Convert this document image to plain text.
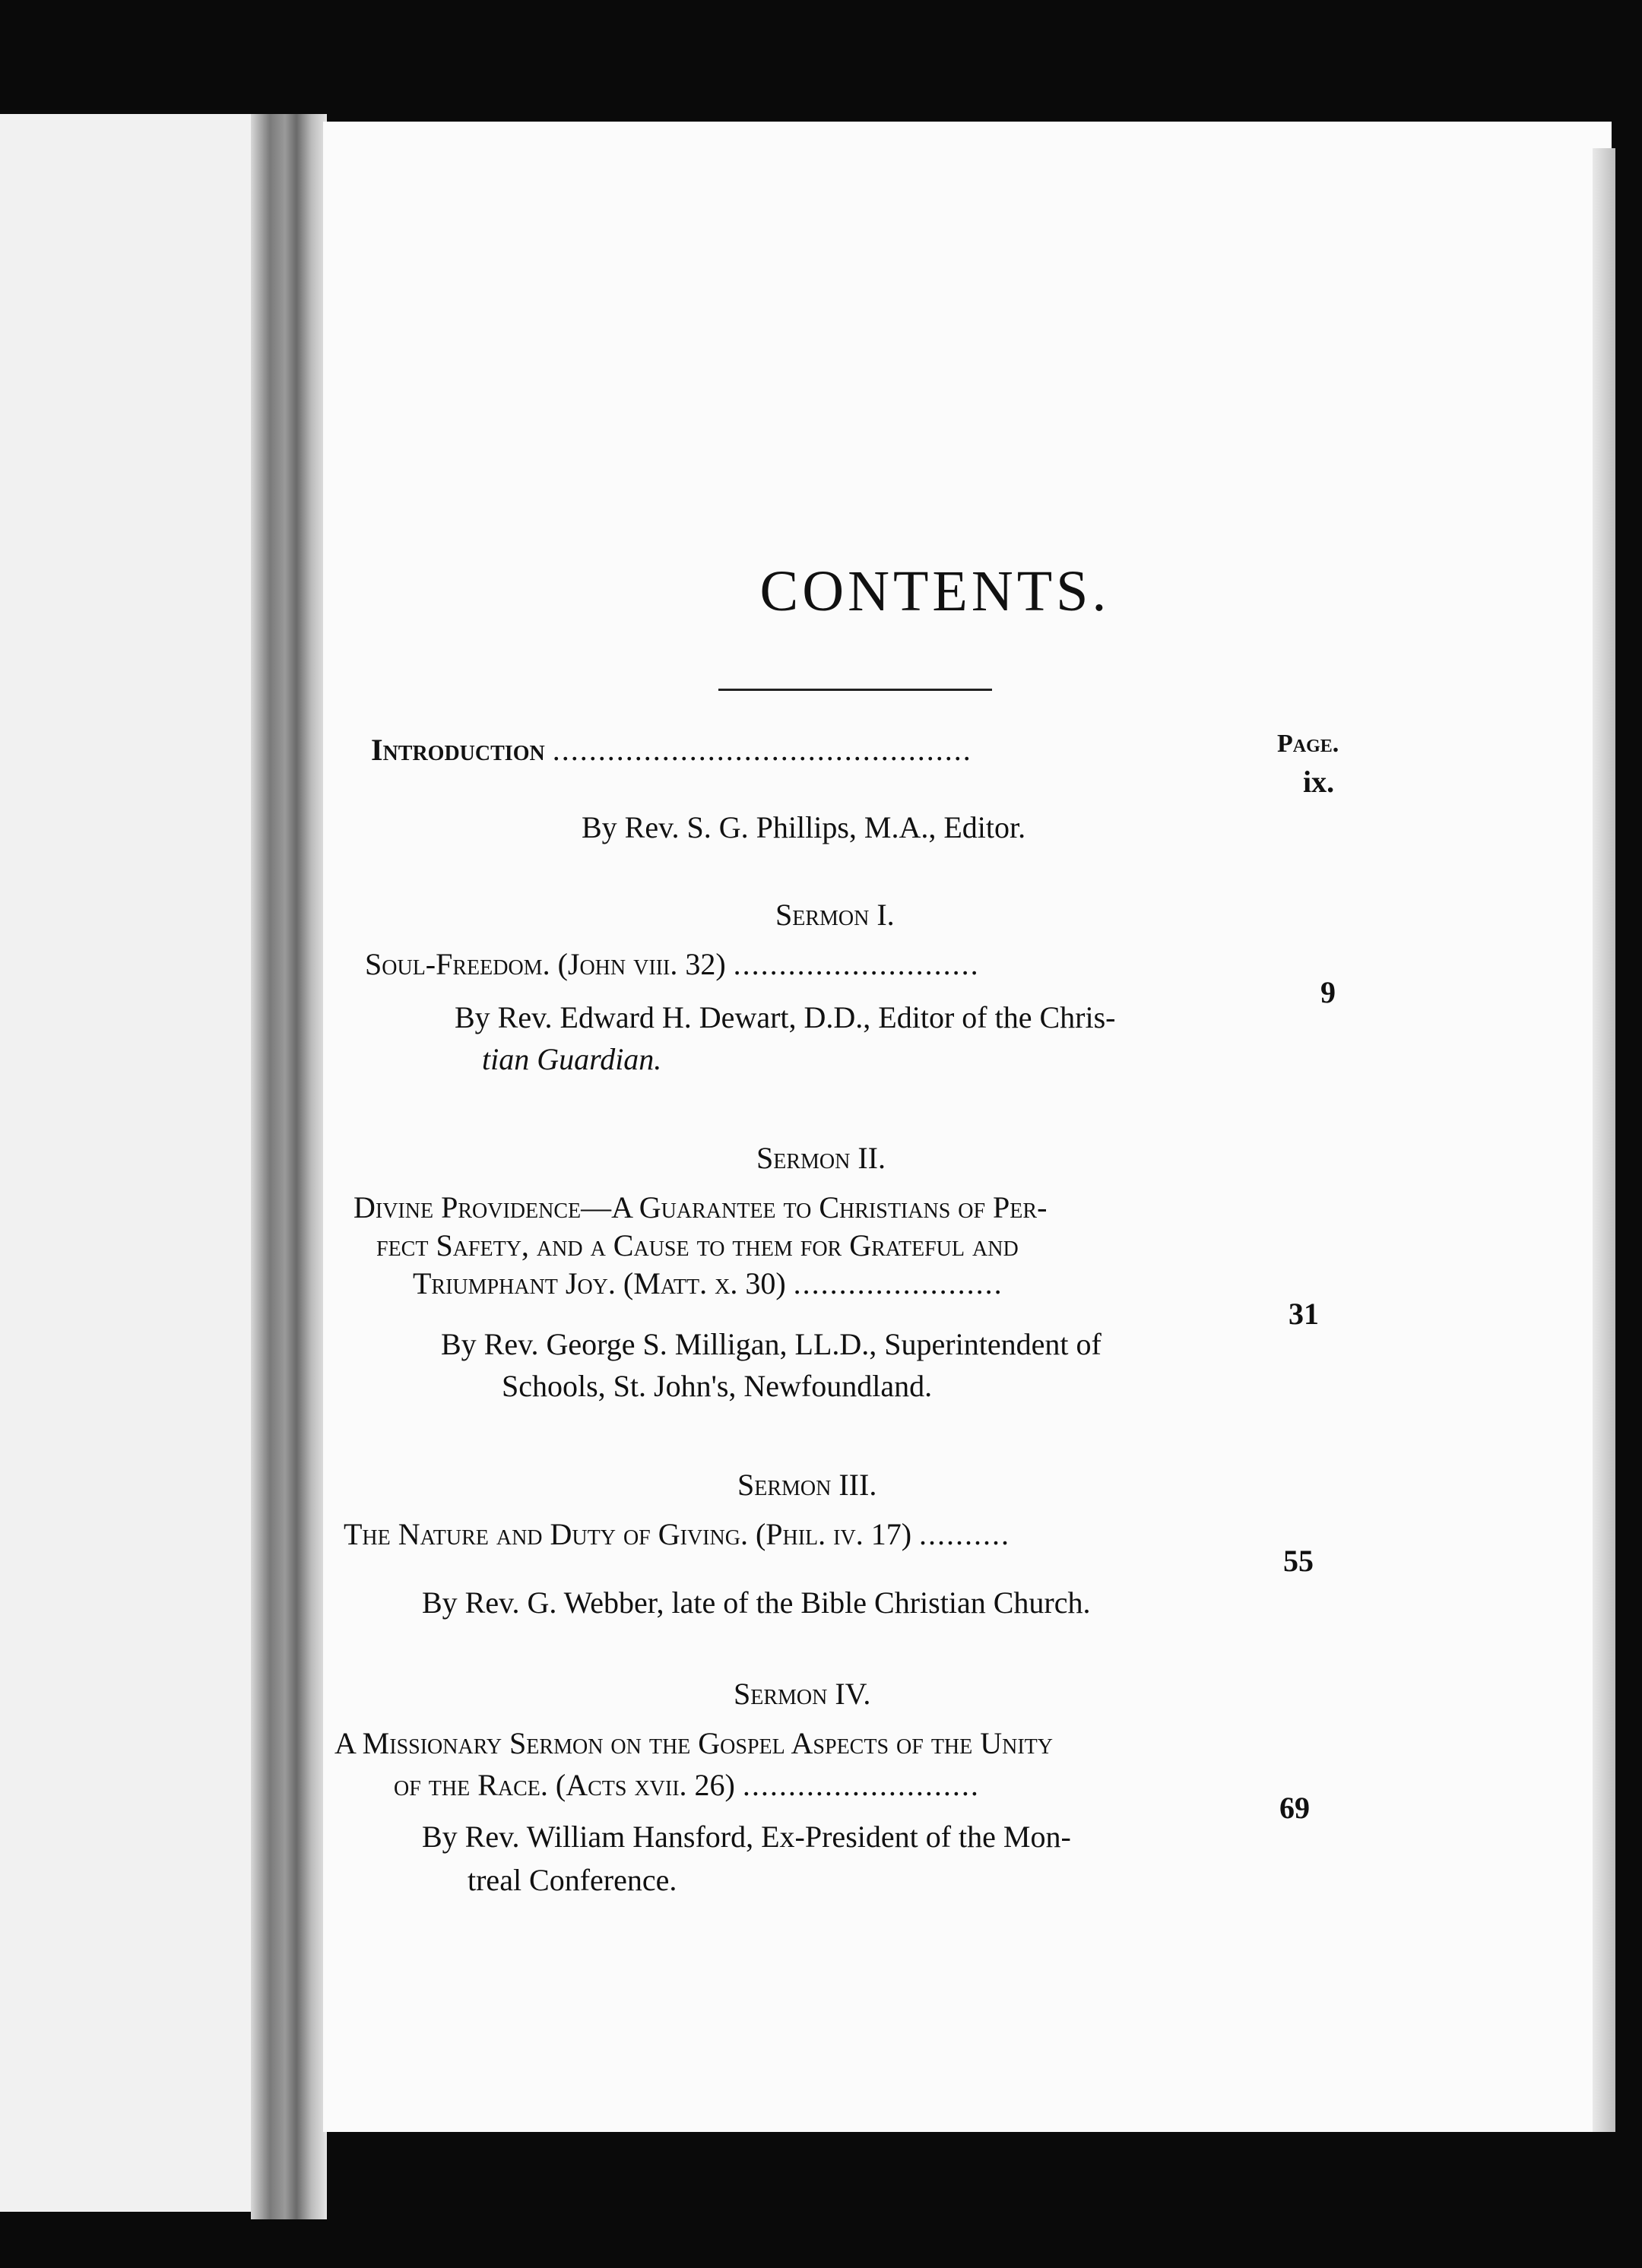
CONTENTS.
Page.
Introduction ..............................................
ix.
By Rev. S. G. Phillips, M.A., Editor.
Sermon I.
Soul-Freedom. (John viii. 32) ...........................
9
By Rev. Edward H. Dewart, D.D., Editor of the Chris-
tian Guardian.
Sermon II.
Divine Providence—A Guarantee to Christians of Per-
fect Safety, and a Cause to them for Grateful and
Triumphant Joy. (Matt. x. 30) .......................
31
By Rev. George S. Milligan, LL.D., Superintendent of
Schools, St. John's, Newfoundland.
Sermon III.
The Nature and Duty of Giving. (Phil. iv. 17) ..........
55
By Rev. G. Webber, late of the Bible Christian Church.
Sermon IV.
A Missionary Sermon on the Gospel Aspects of the Unity
of the Race. (Acts xvii. 26) ..........................
69
By Rev. William Hansford, Ex-President of the Mon-
treal Conference.
